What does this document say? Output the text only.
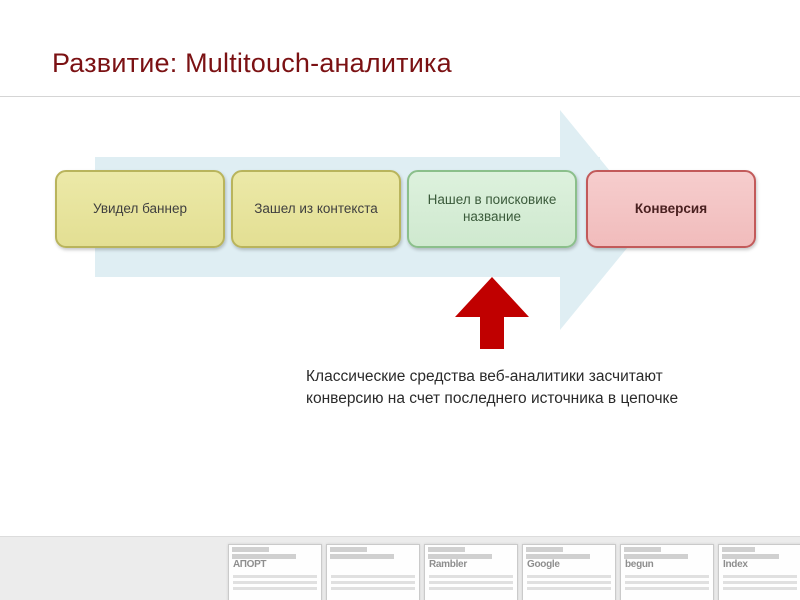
Развитие: Multitouch-аналитика
Увидел баннер	Зашел из контекста
Нашел в поисковике название
Конверсия
Классические средства веб-аналитики засчитают конверсию на счет последнего источника в цепочке
АПОРТ	Rambler	Google	begun	Index
